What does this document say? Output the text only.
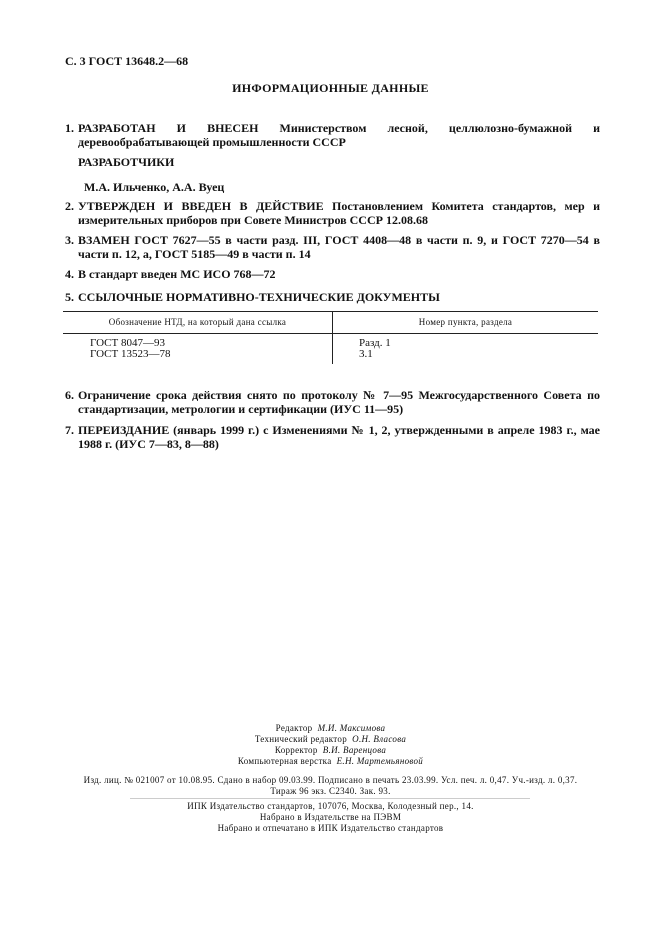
С. 3 ГОСТ 13648.2—68
ИНФОРМАЦИОННЫЕ ДАННЫЕ
1. РАЗРАБОТАН И ВНЕСЕН Министерством лесной, целлюлозно-бумажной и деревообрабатывающей промышленности СССР
РАЗРАБОТЧИКИ
М.А. Ильченко, А.А. Вуец
2. УТВЕРЖДЕН И ВВЕДЕН В ДЕЙСТВИЕ Постановлением Комитета стандартов, мер и измерительных приборов при Совете Министров СССР 12.08.68
3. ВЗАМЕН ГОСТ 7627—55 в части разд. III, ГОСТ 4408—48 в части п. 9, и ГОСТ 7270—54 в части п. 12, а, ГОСТ 5185—49 в части п. 14
4. В стандарт введен МС ИСО 768—72
5. ССЫЛОЧНЫЕ НОРМАТИВНО-ТЕХНИЧЕСКИЕ ДОКУМЕНТЫ
Обозначение НТД, на который дана ссылка	Номер пункта, раздела

ГОСТ 8047—93	Разд. 1
ГОСТ 13523—78	3.1

6. Ограничение срока действия снято по протоколу № 7—95 Межгосударственного Совета по стандартизации, метрологии и сертификации (ИУС 11—95)
7. ПЕРЕИЗДАНИЕ (январь 1999 г.) с Изменениями № 1, 2, утвержденными в апреле 1983 г., мае 1988 г. (ИУС 7—83, 8—88)
Редактор М.И. Максимова
Технический редактор О.Н. Власова
Корректор В.И. Варенцова
Компьютерная верстка Е.Н. Мартемьяновой
Изд. лиц. № 021007 от 10.08.95. Сдано в набор 09.03.99. Подписано в печать 23.03.99. Усл. печ. л. 0,47. Уч.-изд. л. 0,37.
Тираж 96 экз. С2340. Зак. 93.
ИПК Издательство стандартов, 107076, Москва, Колодезный пер., 14.
Набрано в Издательстве на ПЭВМ
Набрано и отпечатано в ИПК Издательство стандартов
